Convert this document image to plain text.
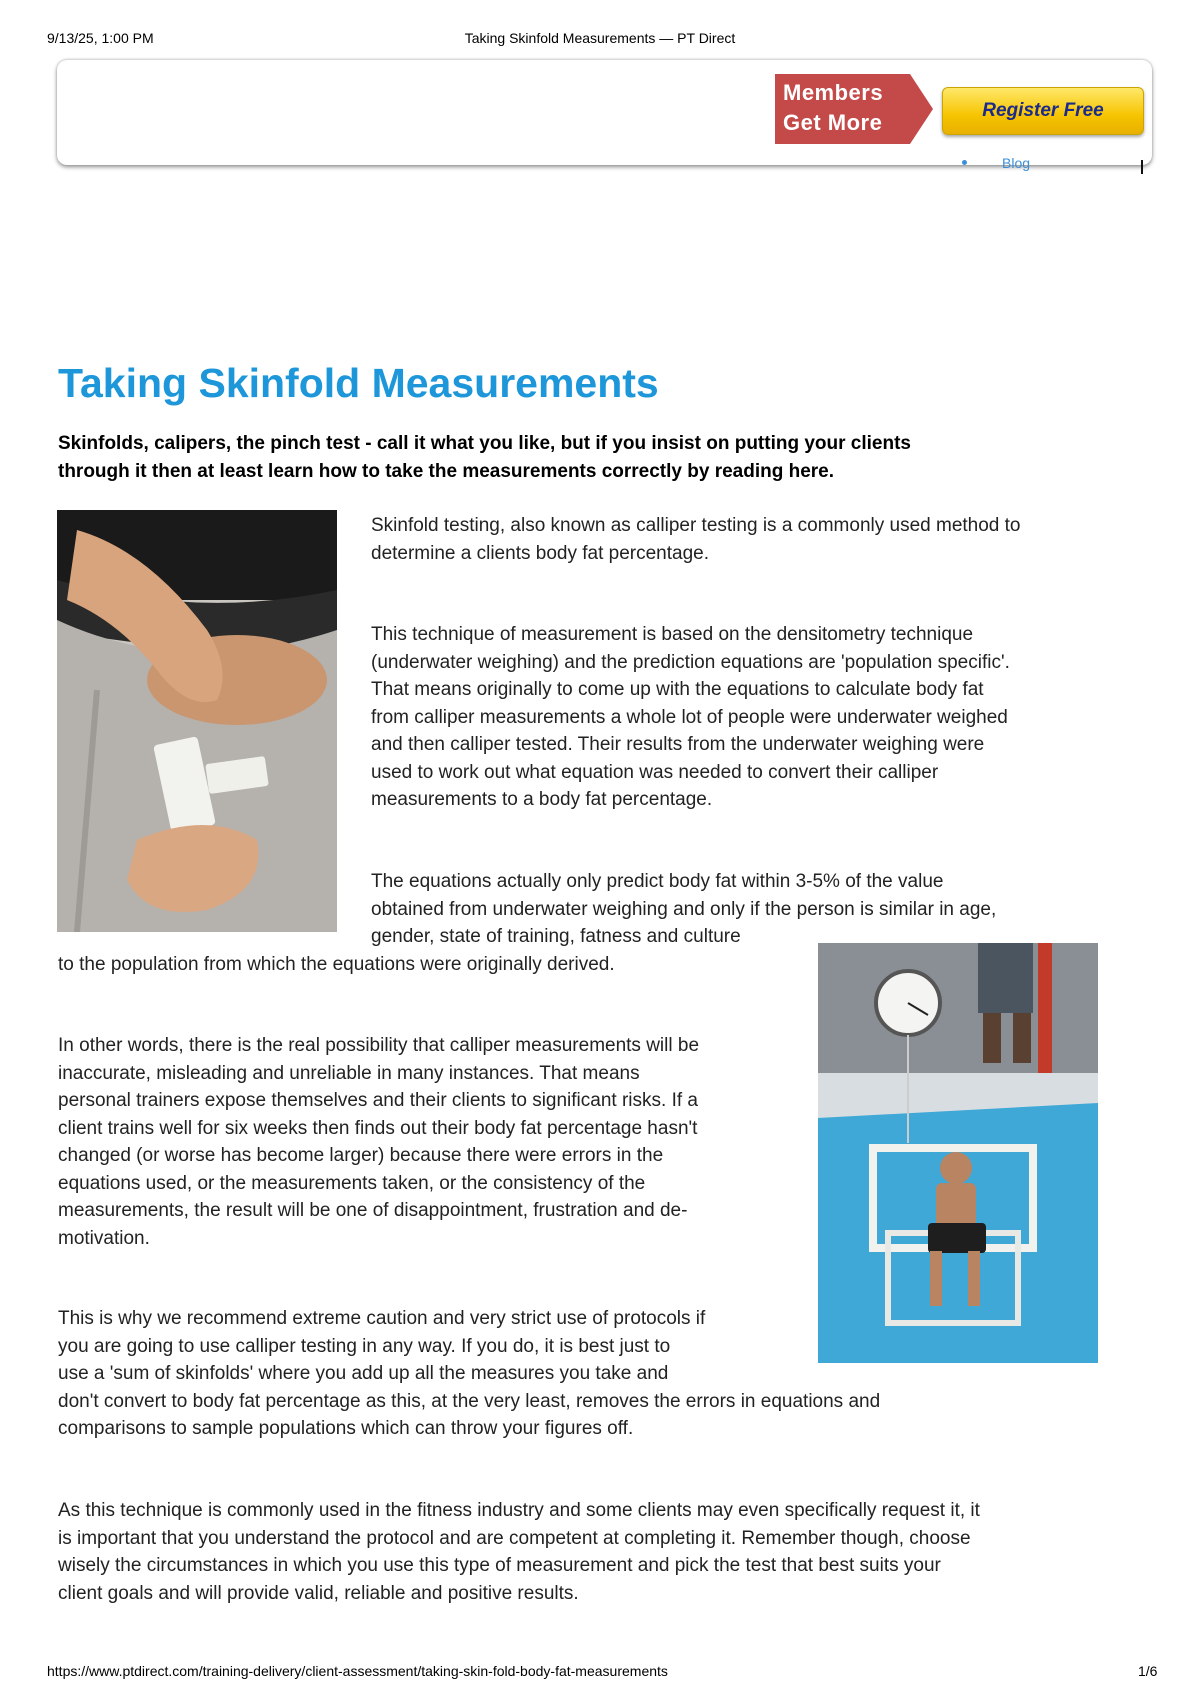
9/13/25, 1:00 PM	Taking Skinfold Measurements — PT Direct
Members
Get More	Register Free
Blog
Taking Skinfold Measurements

Skinfolds, calipers, the pinch test - call it what you like, but if you insist on putting your clients
through it then at least learn how to take the measurements correctly by reading here.

Skinfold testing, also known as calliper testing is a commonly used method to
determine a clients body fat percentage.

This technique of measurement is based on the densitometry technique
(underwater weighing) and the prediction equations are 'population specific'.
That means originally to come up with the equations to calculate body fat
from calliper measurements a whole lot of people were underwater weighed
and then calliper tested. Their results from the underwater weighing were
used to work out what equation was needed to convert their calliper
measurements to a body fat percentage.

The equations actually only predict body fat within 3-5% of the value
obtained from underwater weighing and only if the person is similar in age,
gender, state of training, fatness and culture

to the population from which the equations were originally derived.

In other words, there is the real possibility that calliper measurements will be
inaccurate, misleading and unreliable in many instances. That means
personal trainers expose themselves and their clients to significant risks. If a
client trains well for six weeks then finds out their body fat percentage hasn't
changed (or worse has become larger) because there were errors in the
equations used, or the measurements taken, or the consistency of the
measurements, the result will be one of disappointment, frustration and de-
motivation.

This is why we recommend extreme caution and very strict use of protocols if
you are going to use calliper testing in any way. If you do, it is best just to
use a 'sum of skinfolds' where you add up all the measures you take and
don't convert to body fat percentage as this, at the very least, removes the errors in equations and
comparisons to sample populations which can throw your figures off.

As this technique is commonly used in the fitness industry and some clients may even specifically request it, it
is important that you understand the protocol and are competent at completing it. Remember though, choose
wisely the circumstances in which you use this type of measurement and pick the test that best suits your
client goals and will provide valid, reliable and positive results.

https://www.ptdirect.com/training-delivery/client-assessment/taking-skin-fold-body-fat-measurements	1/6
